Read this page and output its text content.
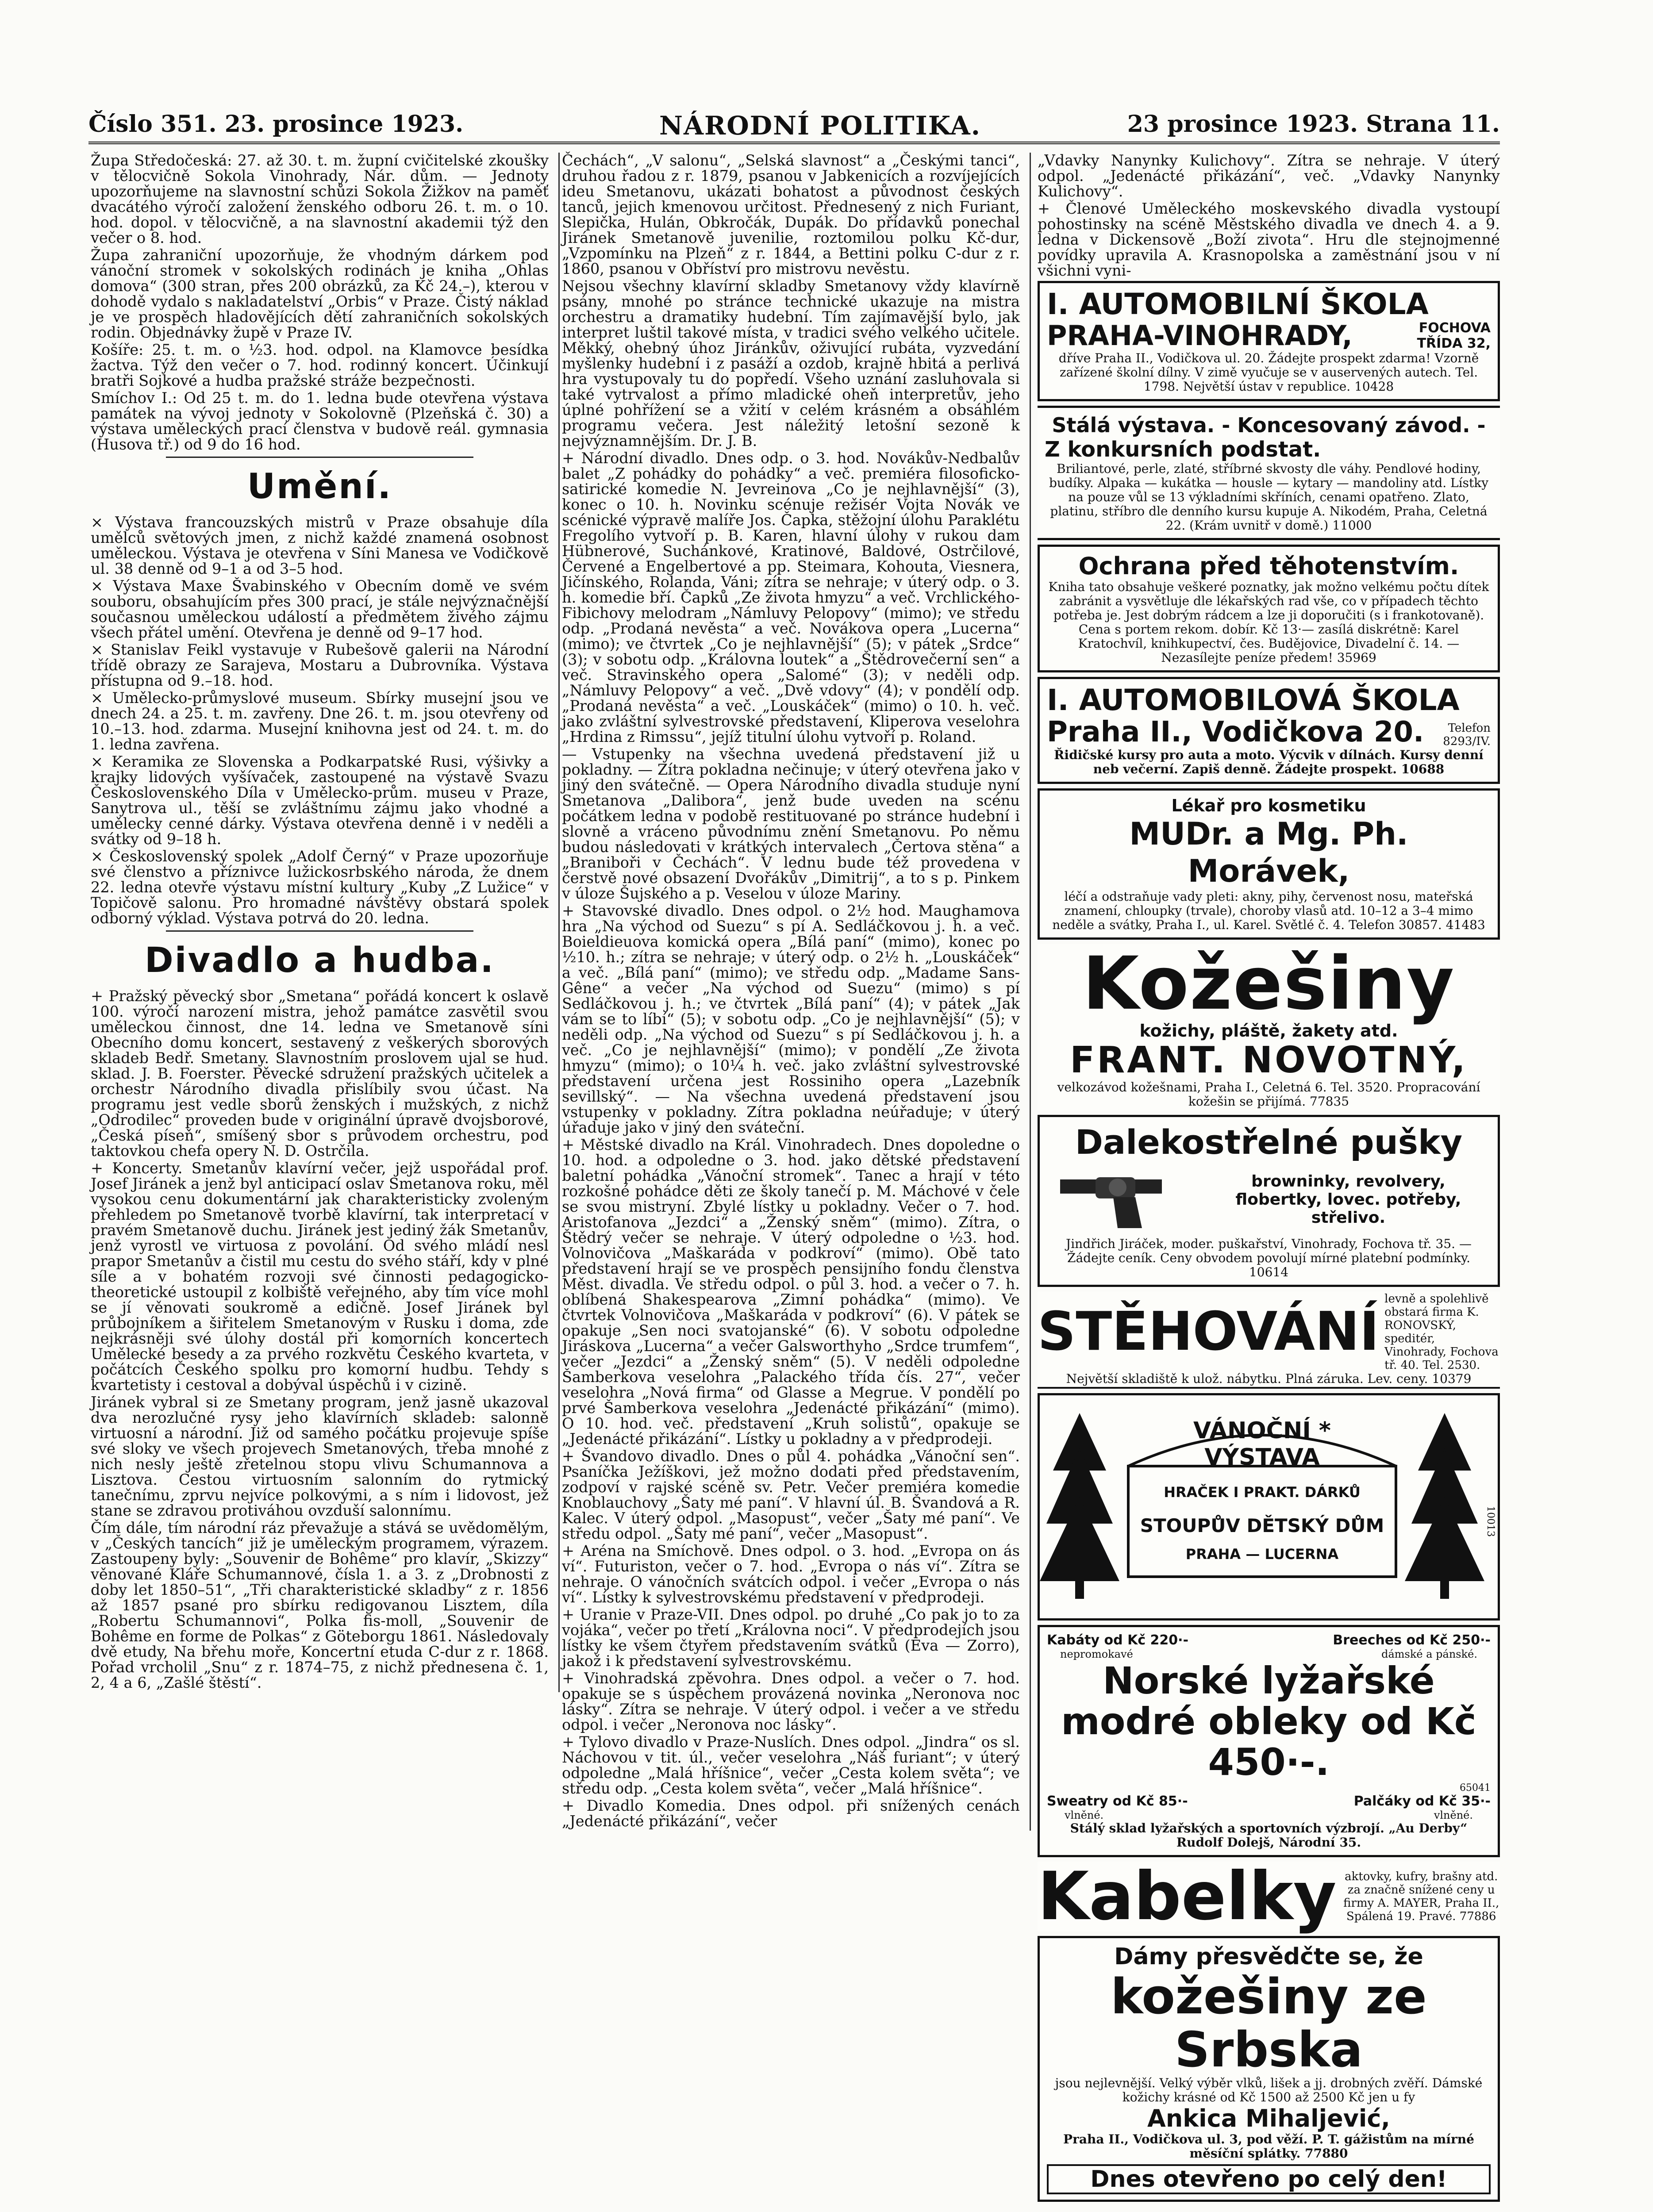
Číslo 351. 23. prosince 1923.	NÁRODNÍ POLITIKA.	23 prosince 1923. Strana 11.

Župa Středočeská: 27. až 30. t. m. župní cvičitelské zkoušky v tělocvičně Sokola Vinohrady, Nár. dům. — Jednoty upozorňujeme na slavnostní schůzi Sokola Žižkov na paměť dvacátého výročí založení ženského odboru 26. t. m. o 10. hod. dopol. v tělocvičně, a na slavnostní akademii týž den večer o 8. hod.

Župa zahraniční upozorňuje, že vhodným dárkem pod vánoční stromek v sokolských rodinách je kniha „Ohlas domova“ (300 stran, přes 200 obrázků, za Kč 24.–), kterou v dohodě vydalo s nakladatelství „Orbis“ v Praze. Čistý náklad je ve prospěch hladovějících dětí zahraničních sokolských rodin. Objednávky župě v Praze IV.

Košíře: 25. t. m. o ½3. hod. odpol. na Klamovce besídka žactva. Týž den večer o 7. hod. rodinný koncert. Účinkují bratři Sojkové a hudba pražské stráže bezpečnosti.

Smíchov I.: Od 25 t. m. do 1. ledna bude otevřena výstava památek na vývoj jednoty v Sokolovně (Plzeňská č. 30) a výstava uměleckých prací členstva v budově reál. gymnasia (Husova tř.) od 9 do 16 hod.

Umění.

× Výstava francouzských mistrů v Praze obsahuje díla umělců světových jmen, z nichž každé znamená osobnost uměleckou. Výstava je otevřena v Síni Manesa ve Vodičkově ul. 38 denně od 9–1 a od 3–5 hod.

× Výstava Maxe Švabinského v Obecním domě ve svém souboru, obsahujícím přes 300 prací, je stále nejvýznačnější současnou uměleckou událostí a předmětem živého zájmu všech přátel umění. Otevřena je denně od 9–17 hod.

× Stanislav Feikl vystavuje v Rubešově galerii na Národní třídě obrazy ze Sarajeva, Mostaru a Dubrovníka. Výstava přístupna od 9.–18. hod.

× Umělecko-průmyslové museum. Sbírky musejní jsou ve dnech 24. a 25. t. m. zavřeny. Dne 26. t. m. jsou otevřeny od 10.–13. hod. zdarma. Musejní knihovna jest od 24. t. m. do 1. ledna zavřena.

× Keramika ze Slovenska a Podkarpatské Rusi, výšivky a krajky lidových vyšívaček, zastoupené na výstavě Svazu Československého Díla v Umělecko-prům. museu v Praze, Sanytrova ul., těší se zvláštnímu zájmu jako vhodné a umělecky cenné dárky. Výstava otevřena denně i v neděli a svátky od 9–18 h.

× Československý spolek „Adolf Černý“ v Praze upozorňuje své členstvo a příznivce lužickosrbského národa, že dnem 22. ledna otevře výstavu místní kultury „Kuby „Z Lužice“ v Topičově salonu. Pro hromadné návštěvy obstará spolek odborný výklad. Výstava potrvá do 20. ledna.

Divadlo a hudba.

+ Pražský pěvecký sbor „Smetana“ pořádá koncert k oslavě 100. výročí narození mistra, jehož památce zasvětil svou uměleckou činnost, dne 14. ledna ve Smetanově síni Obecního domu koncert, sestavený z veškerých sborových skladeb Bedř. Smetany. Slavnostním proslovem ujal se hud. sklad. J. B. Foerster. Pěvecké sdružení pražských učitelek a orchestr Národního divadla přislíbily svou účast. Na programu jest vedle sborů ženských i mužských, z nichž „Odrodilec“ proveden bude v originální úpravě dvojsborové, „Česká píseň“, smíšený sbor s průvodem orchestru, pod taktovkou chefa opery N. D. Ostrčila.

+ Koncerty. Smetanův klavírní večer, jejž uspořádal prof. Josef Jiránek a jenž byl anticipací oslav Smetanova roku, měl vysokou cenu dokumentární jak charakteristicky zvoleným přehledem po Smetanově tvorbě klavírní, tak interpretací v pravém Smetanově duchu. Jiránek jest jediný žák Smetanův, jenž vyrostl ve virtuosa z povolání. Od svého mládí nesl prapor Smetanův a čistil mu cestu do svého stáří, kdy v plné síle a v bohatém rozvoji své činnosti pedagogicko-theoretické ustoupil z kolbiště veřejného, aby tím více mohl se jí věnovati soukromě a edičně. Josef Jiránek byl průbojníkem a šiřitelem Smetanovým v Rusku i doma, zde nejkrásněji své úlohy dostál při komorních koncertech Umělecké besedy a za prvého rozkvětu Českého kvarteta, v počátcích Českého spolku pro komorní hudbu. Tehdy s kvartetisty i cestoval a dobýval úspěchů i v cizině.

Jiránek vybral si ze Smetany program, jenž jasně ukazoval dva nerozlučné rysy jeho klavírních skladeb: salonně virtuosní a národní. Již od samého počátku projevuje spíše své sloky ve všech projevech Smetanových, třeba mnohé z nich nesly ještě zřetelnou stopu vlivu Schumannova a Lisztova. Cestou virtuosním salonním do rytmický tanečnímu, zprvu nejvíce polkovými, a s ním i lidovost, jež stane se zdravou protiváhou ovzduší salonnímu.

Čím dále, tím národní ráz převažuje a stává se uvědomělým, v „Českých tancích“ již je uměleckým programem, výrazem. Zastoupeny byly: „Souvenir de Bohême“ pro klavír, „Skizzy“ věnované Kláře Schumannové, čísla 1. a 3. z „Drobnosti z doby let 1850–51“, „Tři charakteristické skladby“ z r. 1856 až 1857 psané pro sbírku redigovanou Lisztem, díla „Robertu Schumannovi“, Polka fis-moll, „Souvenir de Bohême en forme de Polkas“ z Göteborgu 1861. Následovaly dvě etudy, Na břehu moře, Koncertní etuda C-dur z r. 1868. Pořad vrcholil „Snu“ z r. 1874–75, z nichž přednesena č. 1, 2, 4 a 6, „Zašlé štěstí“.

Čechách“, „V salonu“, „Selská slavnost“ a „Českými tanci“, druhou řadou z r. 1879, psanou v Jabkenicích a rozvíjejících ideu Smetanovu, ukázati bohatost a původnost českých tanců, jejich kmenovou určitost. Přednesený z nich Furiant, Slepička, Hulán, Obkročák, Dupák. Do přídavků ponechal Jiránek Smetanově juvenilie, roztomilou polku Kč-dur, „Vzpomínku na Plzeň“ z r. 1844, a Bettini polku C-dur z r. 1860, psanou v Obříství pro mistrovu nevěstu.

Nejsou všechny klavírní skladby Smetanovy vždy klavírně psány, mnohé po stránce technické ukazuje na mistra orchestru a dramatiky hudební. Tím zajímavější bylo, jak interpret luštil takové místa, v tradici svého velkého učitele. Měkký, ohebný úhoz Jiránkův, oživující rubáta, vyzvedání myšlenky hudební i z pasáží a ozdob, krajně hbitá a perlivá hra vystupovaly tu do popředí. Všeho uznání zasluhovala si také vytrvalost a přímo mladické oheň interpretův, jeho úplné pohřížení se a vžití v celém krásném a obsáhlém programu večera. Jest náležitý letošní sezoně k nejvýznamnějším. Dr. J. B.

+ Národní divadlo. Dnes odp. o 3. hod. Novákův-Nedbalův balet „Z pohádky do pohádky“ a več. premiéra filosoficko-satirické komedie N. Jevreinova „Co je nejhlavnější“ (3), konec o 10. h. Novinku scénuje režisér Vojta Novák ve scénické výpravě malíře Jos. Čapka, stěžojní úlohu Paraklétu Fregolího vytvoří p. B. Karen, hlavní úlohy v rukou dam Hübnerové, Suchánkové, Kratinové, Baldové, Ostrčilové, Červené a Engelbertové a pp. Steimara, Kohouta, Viesnera, Jičínského, Rolanda, Váni; zítra se nehraje; v úterý odp. o 3. h. komedie bří. Čapků „Ze života hmyzu“ a več. Vrchlického-Fibichovy melodram „Námluvy Pelopovy“ (mimo); ve středu odp. „Prodaná nevěsta“ a več. Novákova opera „Lucerna“ (mimo); ve čtvrtek „Co je nejhlavnější“ (5); v pátek „Srdce“ (3); v sobotu odp. „Královna loutek“ a „Štědrovečerní sen“ a več. Stravinského opera „Salomé“ (3); v neděli odp. „Námluvy Pelopovy“ a več. „Dvě vdovy“ (4); v pondělí odp. „Prodaná nevěsta“ a več. „Louskáček“ (mimo) o 10. h. več. jako zvláštní sylvestrovské představení, Kliperova veselohra „Hrdina z Rimssu“, jejíž titulní úlohu vytvoří p. Roland.

— Vstupenky na všechna uvedená představení již u pokladny. — Zítra pokladna nečinuje; v úterý otevřena jako v jiný den svátečně. — Opera Národního divadla studuje nyní Smetanova „Dalibora“, jenž bude uveden na scénu počátkem ledna v podobě restituované po stránce hudební i slovně a vráceno původnímu znění Smetanovu. Po němu budou následovati v krátkých intervalech „Čertova stěna“ a „Braniboři v Čechách“. V lednu bude též provedena v čerstvě nové obsazení Dvořákův „Dimitrij“, a to s p. Pinkem v úloze Šujského a p. Veselou v úloze Mariny.

+ Stavovské divadlo. Dnes odpol. o 2½ hod. Maughamova hra „Na východ od Suezu“ s pí A. Sedláčkovou j. h. a več. Boieldieuova komická opera „Bílá paní“ (mimo), konec po ½10. h.; zítra se nehraje; v úterý odp. o 2½ h. „Louskáček“ a več. „Bílá paní“ (mimo); ve středu odp. „Madame Sans-Gêne“ a večer „Na východ od Suezu“ (mimo) s pí Sedláčkovou j. h.; ve čtvrtek „Bílá paní“ (4); v pátek „Jak vám se to líbí“ (5); v sobotu odp. „Co je nejhlavnější“ (5); v neděli odp. „Na východ od Suezu“ s pí Sedláčkovou j. h. a več. „Co je nejhlavnější“ (mimo); v pondělí „Ze života hmyzu“ (mimo); o 10¼ h. več. jako zvláštní sylvestrovské představení určena jest Rossiniho opera „Lazebník sevillský“. — Na všechna uvedená představení jsou vstupenky v pokladny. Zítra pokladna neúřaduje; v úterý úřaduje jako v jiný den sváteční.

+ Městské divadlo na Král. Vinohradech. Dnes dopoledne o 10. hod. a odpoledne o 3. hod. jako dětské představení baletní pohádka „Vánoční stromek“. Tanec a hrají v této rozkošné pohádce děti ze školy tanečí p. M. Máchové v čele se svou mistryní. Zbylé lístky u pokladny. Večer o 7. hod. Aristofanova „Jezdci“ a „Ženský sněm“ (mimo). Zítra, o Štědrý večer se nehraje. V úterý odpoledne o ½3. hod. Volnovičova „Maškaráda v podkroví“ (mimo). Obě tato představení hrají se ve prospěch pensijního fondu členstva Měst. divadla. Ve středu odpol. o půl 3. hod. a večer o 7. h. oblíbená Shakespearova „Zimní pohádka“ (mimo). Ve čtvrtek Volnovičova „Maškaráda v podkroví“ (6). V pátek se opakuje „Sen noci svatojanské“ (6). V sobotu odpoledne Jiráskova „Lucerna“ a večer Galsworthyho „Srdce trumfem“, večer „Jezdci“ a „Ženský sněm“ (5). V neděli odpoledne Šamberkova veselohra „Palackého třída čís. 27“, večer veselohra „Nová firma“ od Glasse a Megrue. V pondělí po prvé Šamberkova veselohra „Jedenácté přikázání“ (mimo). O 10. hod. več. představení „Kruh solistů“, opakuje se „Jedenácté přikázání“. Lístky u pokladny a v předprodeji.

+ Švandovo divadlo. Dnes o půl 4. pohádka „Vánoční sen“. Psaníčka Ježíškovi, jež možno dodati před představením, zodpoví v rajské scéně sv. Petr. Večer premiéra komedie Knoblauchovy „Šaty mé paní“. V hlavní úl. B. Švandová a R. Kalec. V úterý odpol. „Masopust“, večer „Šaty mé paní“. Ve středu odpol. „Šaty mé paní“, večer „Masopust“.

+ Aréna na Smíchově. Dnes odpol. o 3. hod. „Evropa on ás ví“. Futuriston, večer o 7. hod. „Evropa o nás ví“. Zítra se nehraje. O vánočních svátcích odpol. i večer „Evropa o nás ví“. Lístky k sylvestrovskému představení v předprodeji.

+ Uranie v Praze-VII. Dnes odpol. po druhé „Co pak jo to za vojáka“, večer po třetí „Královna noci“. V předprodejích jsou lístky ke všem čtyřem představením svátků (Eva — Zorro), jakož i k představení sylvestrovskému.

+ Vinohradská zpěvohra. Dnes odpol. a večer o 7. hod. opakuje se s úspěchem provázená novinka „Neronova noc lásky“. Zítra se nehraje. V úterý odpol. i večer a ve středu odpol. i večer „Neronova noc lásky“.

+ Tylovo divadlo v Praze-Nuslích. Dnes odpol. „Jindra“ os sl. Náchovou v tit. úl., večer veselohra „Náš furiant“; v úterý odpoledne „Malá hříšnice“, večer „Cesta kolem světa“; ve středu odp. „Cesta kolem světa“, večer „Malá hříšnice“.

+ Divadlo Komedia. Dnes odpol. při snížených cenách „Jedenácté přikázání“, večer

„Vdavky Nanynky Kulichovy“. Zítra se nehraje. V úterý odpol. „Jedenácté přikázání“, več. „Vdavky Nanynky Kulichovy“.

+ Členové Uměleckého moskevského divadla vystoupí pohostinsky na scéně Městského divadla ve dnech 4. a 9. ledna v Dickensově „Boží zivota“. Hru dle stejnojmenné povídky upravila A. Krasnopolska a zaměstnání jsou v ní všichni vyni-

I. AUTOMOBILNÍ ŠKOLA
PRAHA-VINOHRADY,	FOCHOVA TŘÍDA 32,
dříve Praha II., Vodičkova ul. 20. Žádejte prospekt zdarma! Vzorně zařízené školní dílny. V zimě vyučuje se v auservených autech. Tel. 1798. Největší ústav v republice. 10428
Stálá výstava. - Koncesovaný závod. -
Z konkursních podstat.
Briliantové, perle, zlaté, stříbrné skvosty dle váhy. Pendlové hodiny, budíky. Alpaka — kukátka — housle — kytary — mandoliny atd. Lístky na pouze vůl se 13 výkladními skříních, cenami opatřeno. Zlato, platinu, stříbro dle denního kursu kupuje A. Nikodém, Praha, Celetná 22. (Krám uvnitř v domě.) 11000
Ochrana před těhotenstvím.
Kniha tato obsahuje veškeré poznatky, jak možno velkému počtu dítek zabránit a vysvětluje dle lékařských rad vše, co v případech těchto potřeba je. Jest dobrým rádcem a lze ji doporučiti (s i frankotovaně). Cena s portem rekom. dobír. Kč 13·— zasílá diskrétně: Karel Kratochvíl, knihkupectví, čes. Budějovice, Divadelní č. 14. — Nezasílejte peníze předem! 35969
I. AUTOMOBILOVÁ ŠKOLA
Praha II., Vodičkova 20.	Telefon 8293/IV.
Řidičské kursy pro auta a moto. Výcvik v dílnách. Kursy denní neb večerní. Zapiš denně. Žádejte prospekt. 10688
Lékař pro kosmetiku
MUDr. a Mg. Ph. Morávek,
léčí a odstraňuje vady pleti: akny, pihy, červenost nosu, mateřská znamení, chloupky (trvale), choroby vlasů atd. 10–12 a 3–4 mimo neděle a svátky, Praha I., ul. Karel. Světlé č. 4. Telefon 30857. 41483
Kožešiny
kožichy, pláště, žakety atd.
FRANT. NOVOTNÝ,
velkozávod kožešnami, Praha I., Celetná 6. Tel. 3520. Propracování kožešin se přijímá. 77835
Dalekostřelné pušky
browninky, revolvery, flobertky, lovec. potřeby, střelivo.
Jindřich Jiráček, moder. puškařství, Vinohrady, Fochova tř. 35. — Žádejte ceník. Ceny obvodem povolují mírné platební podmínky. 10614
STĚHOVÁNÍ
levně a spolehlivě obstará firma K. RONOVSKÝ, speditér, Vinohrady, Fochova tř. 40. Tel. 2530.
Největší skladiště k ulož. nábytku. Plná záruka. Lev. ceny. 10379
VÁNOČNÍ * VÝSTAVA
HRAČEK I PRAKT. DÁRKŮ
STOUPŮV DĚTSKÝ DŮM
PRAHA — LUCERNA
10013
Kabáty od Kč 220·-	Breeches od Kč 250·-
nepromokavé	dámské a pánské.
Norské lyžařské modré obleky od Kč 450·-.
65041
Sweatry od Kč 85·-	Palčáky od Kč 35·-
vlněné.	vlněné.
Stálý sklad lyžařských a sportovních výzbrojí. „Au Derby“ Rudolf Dolejš, Národní 35.
Kabelky aktovky, kufry, brašny atd. za značně snížené ceny u firmy A. MAYER, Praha II., Spálená 19. Pravé. 77886
Dámy přesvědčte se, že
kožešiny ze Srbska
jsou nejlevnější. Velký výběr vlků, lišek a jj. drobných zvěří. Dámské kožichy krásné od Kč 1500 až 2500 Kč jen u fy
Ankica Mihaljević,
Praha II., Vodičkova ul. 3, pod věží. P. T. gážistům na mírné měsíční splátky. 77880
Dnes otevřeno po celý den!
